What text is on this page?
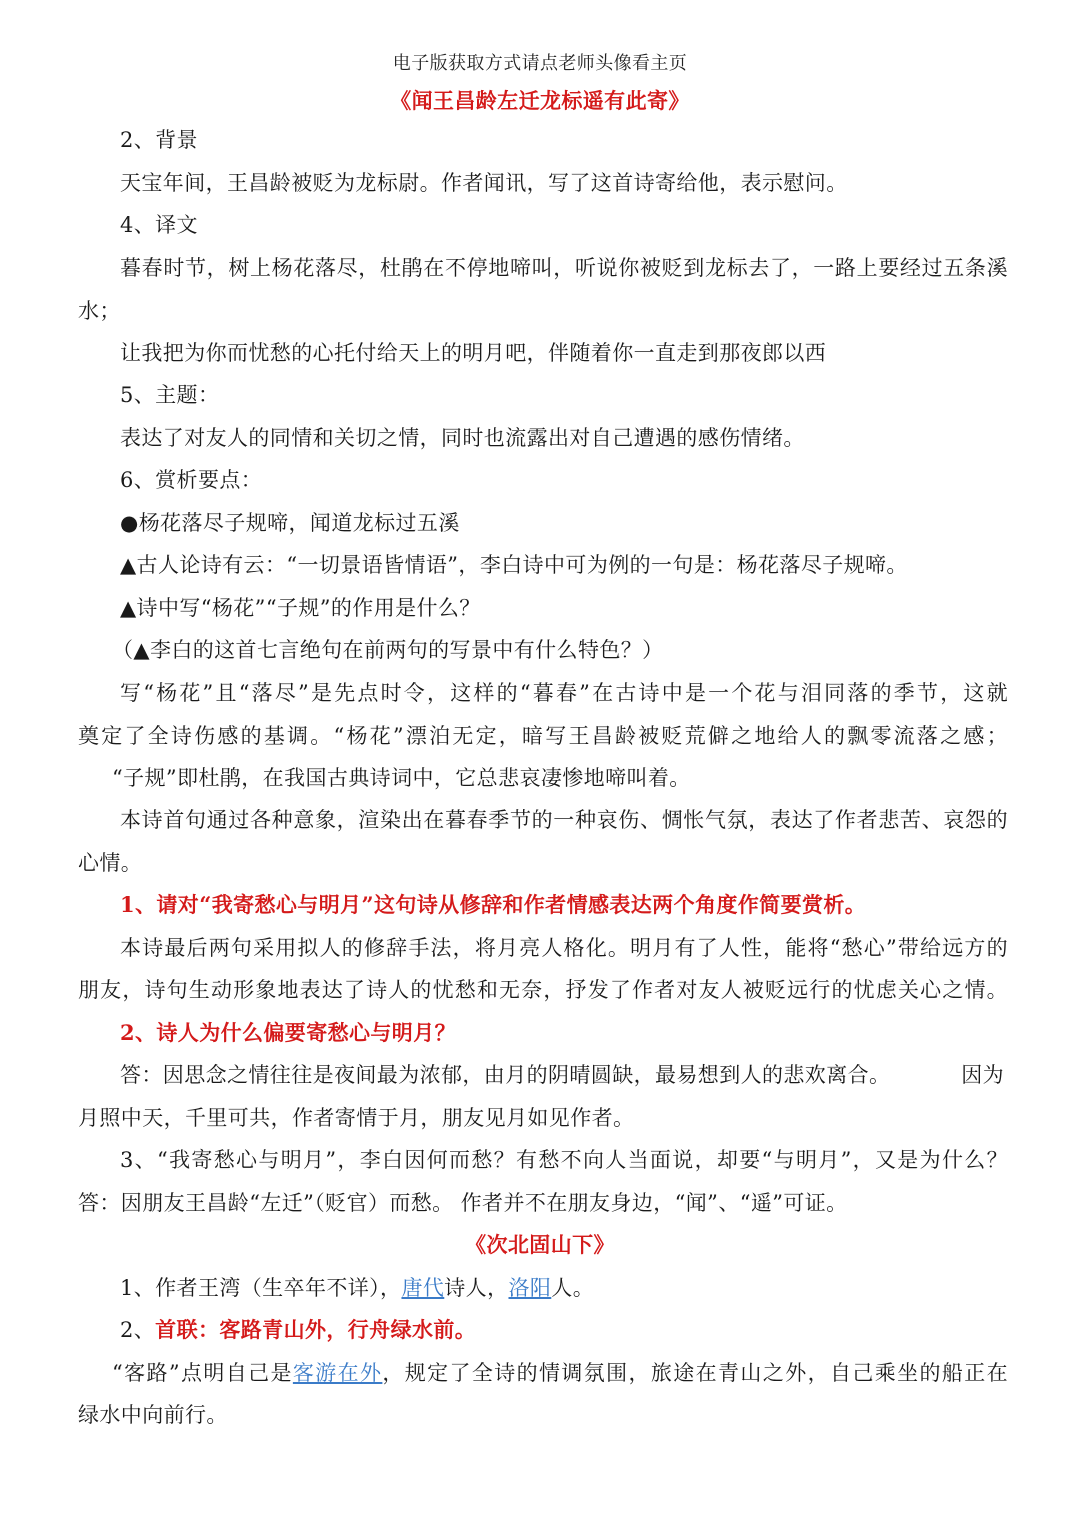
电子版获取方式请点老师头像看主页
《闻王昌龄左迁龙标遥有此寄》
2、背景
天宝年间，王昌龄被贬为龙标尉。作者闻讯，写了这首诗寄给他，表示慰问。
4、译文
暮春时节，树上杨花落尽，杜鹃在不停地啼叫，听说你被贬到龙标去了，一路上要经过五条溪
水；
让我把为你而忧愁的心托付给天上的明月吧，伴随着你一直走到那夜郎以西
5、主题：
表达了对友人的同情和关切之情，同时也流露出对自己遭遇的感伤情绪。
6、赏析要点：
●杨花落尽子规啼，闻道龙标过五溪
▲古人论诗有云：“一切景语皆情语”，李白诗中可为例的一句是：杨花落尽子规啼。
▲诗中写“杨花”“子规”的作用是什么？
（▲李白的这首七言绝句在前两句的写景中有什么特色？）
写“杨花”且“落尽”是先点时令，这样的“暮春”在古诗中是一个花与泪同落的季节，这就
奠定了全诗伤感的基调。“杨花”漂泊无定，暗写王昌龄被贬荒僻之地给人的飘零流落之感；
“子规”即杜鹃，在我国古典诗词中，它总悲哀凄惨地啼叫着。
本诗首句通过各种意象，渲染出在暮春季节的一种哀伤、惆怅气氛，表达了作者悲苦、哀怨的
心情。
1、请对“我寄愁心与明月”这句诗从修辞和作者情感表达两个角度作简要赏析。
本诗最后两句采用拟人的修辞手法，将月亮人格化。明月有了人性，能将“愁心”带给远方的
朋友，诗句生动形象地表达了诗人的忧愁和无奈，抒发了作者对友人被贬远行的忧虑关心之情。
2、诗人为什么偏要寄愁心与明月？
答：因思念之情往往是夜间最为浓郁，由月的阴晴圆缺，最易想到人的悲欢离合。	因为
月照中天，千里可共，作者寄情于月，朋友见月如见作者。
3、“我寄愁心与明月”，李白因何而愁？有愁不向人当面说，却要“与明月”，又是为什么？
答：因朋友王昌龄“左迁”（贬官）而愁。 作者并不在朋友身边，“闻”、“遥”可证。
《次北固山下》
1、作者王湾（生卒年不详），唐代诗人，洛阳人。
2、首联：客路青山外，行舟绿水前。
“客路”点明自己是客游在外，规定了全诗的情调氛围，旅途在青山之外，自己乘坐的船正在
绿水中向前行。
